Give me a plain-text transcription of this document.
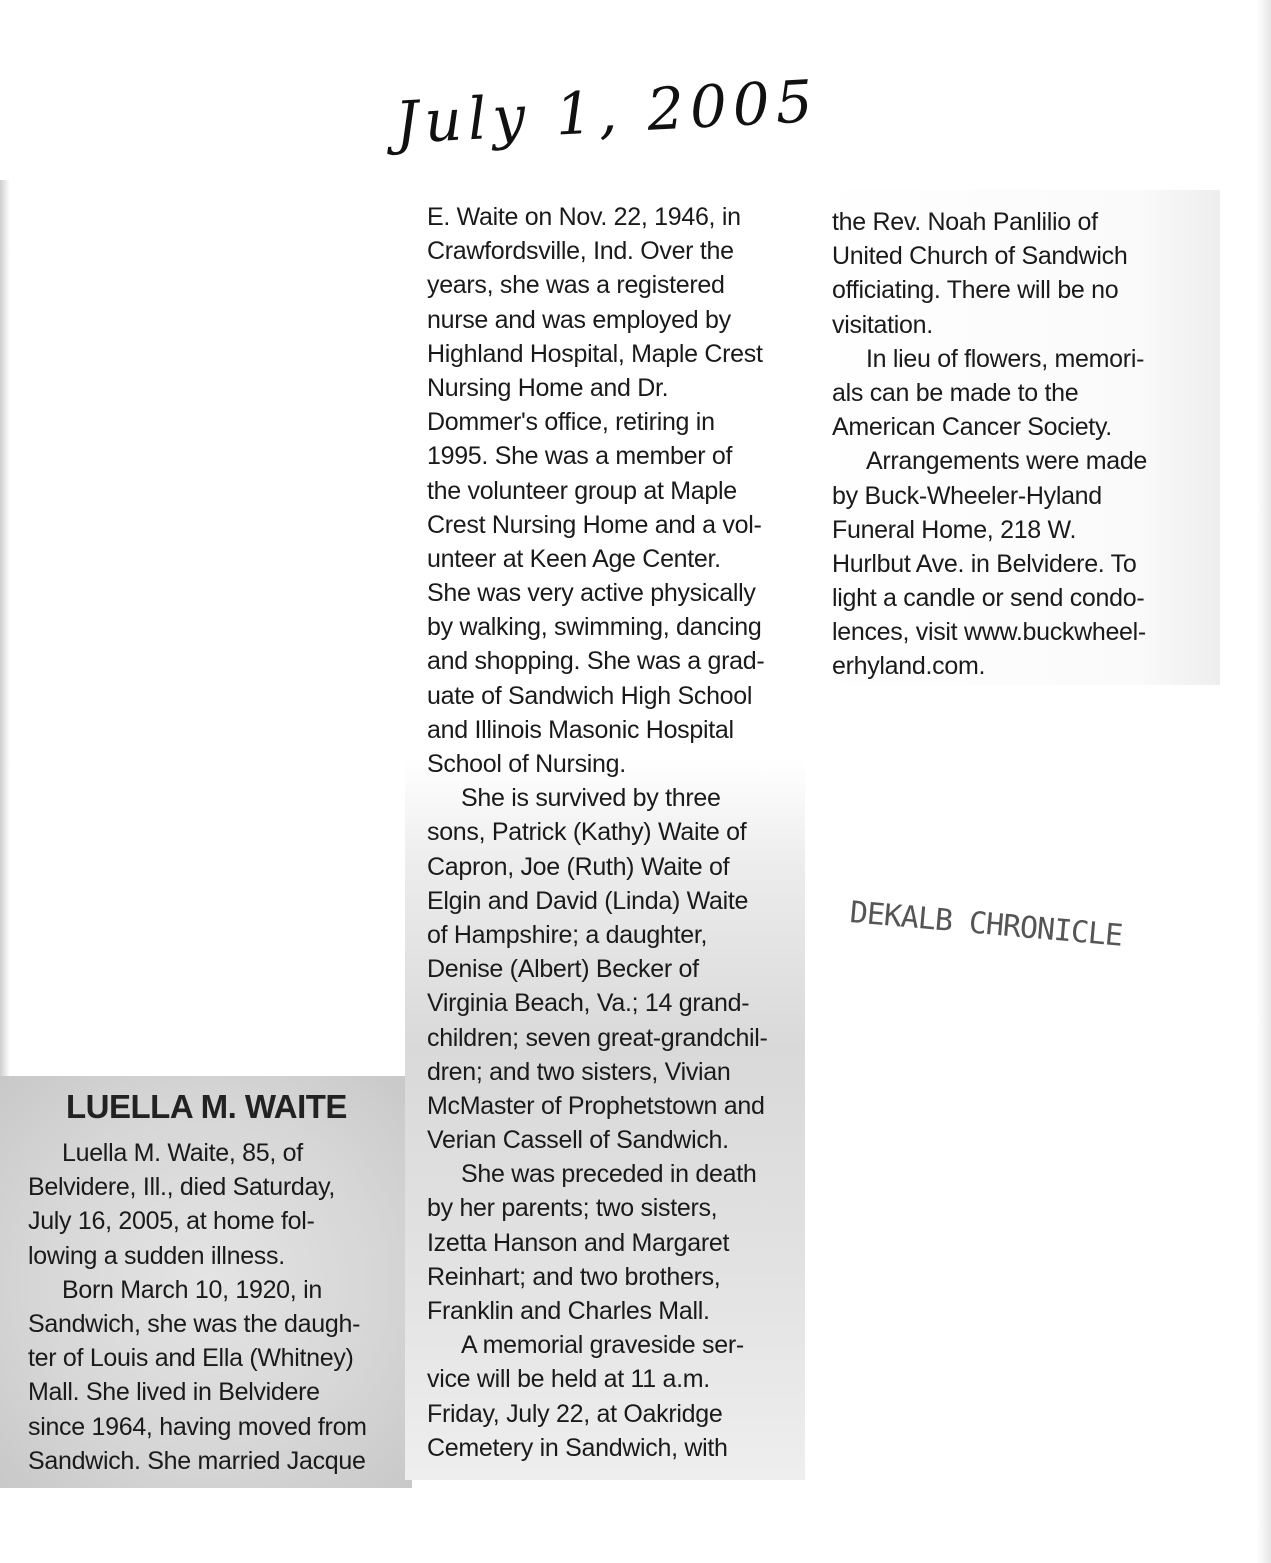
July 1, 2005
DEKALB CHRONICLE
LUELLA M. WAITE
Luella M. Waite, 85, of
Belvidere, Ill., died Saturday,
July 16, 2005, at home fol-
lowing a sudden illness.
Born March 10, 1920, in
Sandwich, she was the daugh-
ter of Louis and Ella (Whitney)
Mall. She lived in Belvidere
since 1964, having moved from
Sandwich. She married Jacque
E. Waite on Nov. 22, 1946, in
Crawfordsville, Ind. Over the
years, she was a registered
nurse and was employed by
Highland Hospital, Maple Crest
Nursing Home and Dr.
Dommer's office, retiring in
1995. She was a member of
the volunteer group at Maple
Crest Nursing Home and a vol-
unteer at Keen Age Center.
She was very active physically
by walking, swimming, dancing
and shopping. She was a grad-
uate of Sandwich High School
and Illinois Masonic Hospital
School of Nursing.
She is survived by three
sons, Patrick (Kathy) Waite of
Capron, Joe (Ruth) Waite of
Elgin and David (Linda) Waite
of Hampshire; a daughter,
Denise (Albert) Becker of
Virginia Beach, Va.; 14 grand-
children; seven great-grandchil-
dren; and two sisters, Vivian
McMaster of Prophetstown and
Verian Cassell of Sandwich.
She was preceded in death
by her parents; two sisters,
Izetta Hanson and Margaret
Reinhart; and two brothers,
Franklin and Charles Mall.
A memorial graveside ser-
vice will be held at 11 a.m.
Friday, July 22, at Oakridge
Cemetery in Sandwich, with
the Rev. Noah Panlilio of
United Church of Sandwich
officiating. There will be no
visitation.
In lieu of flowers, memori-
als can be made to the
American Cancer Society.
Arrangements were made
by Buck-Wheeler-Hyland
Funeral Home, 218 W.
Hurlbut Ave. in Belvidere. To
light a candle or send condo-
lences, visit www.buckwheel-
erhyland.com.
